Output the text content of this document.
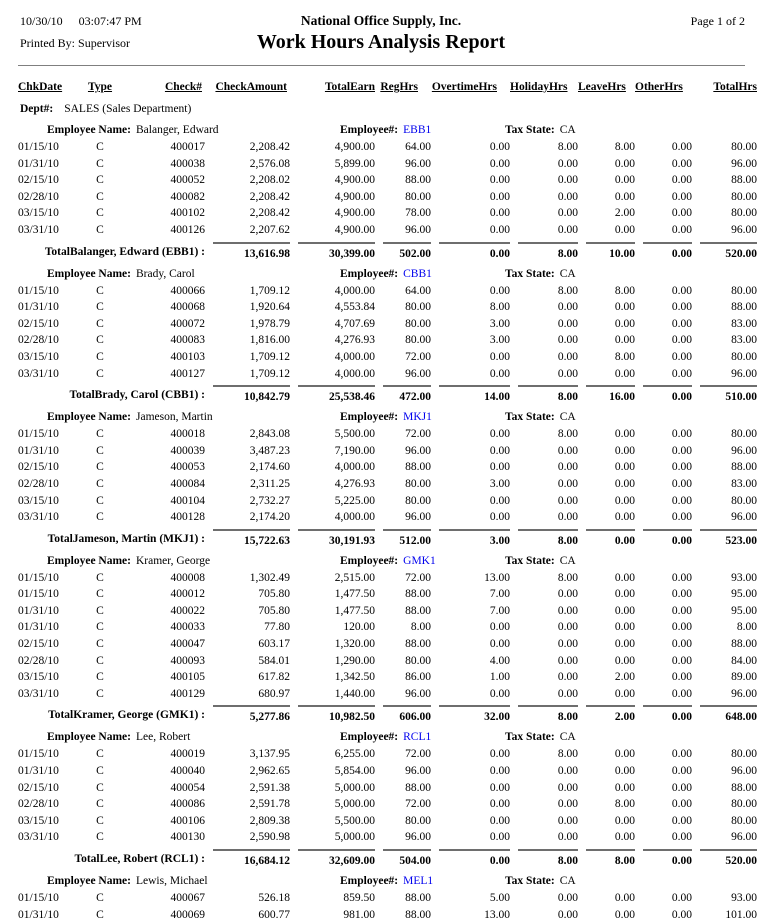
10/30/10 03:07:47 PM
Printed By: Supervisor
National Office Supply, Inc.
Work Hours Analysis Report
Page 1 of 2
ChkDate	Type	Check#	CheckAmount	TotalEarn RegHrs	OvertimeHrs	HolidayHrs LeaveHrs OtherHrs	TotalHrs
Dept#: SALES (Sales Department)
Employee Name: Balanger, Edward	Employee#: EBB1	Tax State: CA
01/15/10	C	400017	2,208.42	4,900.00	64.00	0.00	8.00	8.00	0.00	80.00
01/31/10	C	400038	2,576.08	5,899.00	96.00	0.00	0.00	0.00	0.00	96.00
02/15/10	C	400052	2,208.02	4,900.00	88.00	0.00	0.00	0.00	0.00	88.00
02/28/10	C	400082	2,208.42	4,900.00	80.00	0.00	0.00	0.00	0.00	80.00
03/15/10	C	400102	2,208.42	4,900.00	78.00	0.00	0.00	2.00	0.00	80.00
03/31/10	C	400126	2,207.62	4,900.00	96.00	0.00	0.00	0.00	0.00	96.00
TotalBalanger, Edward (EBB1) :	13,616.98	30,399.00	502.00	0.00	8.00	10.00	0.00	520.00
Employee Name: Brady, Carol	Employee#: CBB1	Tax State: CA
01/15/10	C	400066	1,709.12	4,000.00	64.00	0.00	8.00	8.00	0.00	80.00
01/31/10	C	400068	1,920.64	4,553.84	80.00	8.00	0.00	0.00	0.00	88.00
02/15/10	C	400072	1,978.79	4,707.69	80.00	3.00	0.00	0.00	0.00	83.00
02/28/10	C	400083	1,816.00	4,276.93	80.00	3.00	0.00	0.00	0.00	83.00
03/15/10	C	400103	1,709.12	4,000.00	72.00	0.00	0.00	8.00	0.00	80.00
03/31/10	C	400127	1,709.12	4,000.00	96.00	0.00	0.00	0.00	0.00	96.00
TotalBrady, Carol (CBB1) :	10,842.79	25,538.46	472.00	14.00	8.00	16.00	0.00	510.00
Employee Name: Jameson, Martin	Employee#: MKJ1	Tax State: CA
01/15/10	C	400018	2,843.08	5,500.00	72.00	0.00	8.00	0.00	0.00	80.00
01/31/10	C	400039	3,487.23	7,190.00	96.00	0.00	0.00	0.00	0.00	96.00
02/15/10	C	400053	2,174.60	4,000.00	88.00	0.00	0.00	0.00	0.00	88.00
02/28/10	C	400084	2,311.25	4,276.93	80.00	3.00	0.00	0.00	0.00	83.00
03/15/10	C	400104	2,732.27	5,225.00	80.00	0.00	0.00	0.00	0.00	80.00
03/31/10	C	400128	2,174.20	4,000.00	96.00	0.00	0.00	0.00	0.00	96.00
TotalJameson, Martin (MKJ1) :	15,722.63	30,191.93	512.00	3.00	8.00	0.00	0.00	523.00
Employee Name: Kramer, George	Employee#: GMK1	Tax State: CA
01/15/10	C	400008	1,302.49	2,515.00	72.00	13.00	8.00	0.00	0.00	93.00
01/15/10	C	400012	705.80	1,477.50	88.00	7.00	0.00	0.00	0.00	95.00
01/31/10	C	400022	705.80	1,477.50	88.00	7.00	0.00	0.00	0.00	95.00
01/31/10	C	400033	77.80	120.00	8.00	0.00	0.00	0.00	0.00	8.00
02/15/10	C	400047	603.17	1,320.00	88.00	0.00	0.00	0.00	0.00	88.00
02/28/10	C	400093	584.01	1,290.00	80.00	4.00	0.00	0.00	0.00	84.00
03/15/10	C	400105	617.82	1,342.50	86.00	1.00	0.00	2.00	0.00	89.00
03/31/10	C	400129	680.97	1,440.00	96.00	0.00	0.00	0.00	0.00	96.00
TotalKramer, George (GMK1) :	5,277.86	10,982.50	606.00	32.00	8.00	2.00	0.00	648.00
Employee Name: Lee, Robert	Employee#: RCL1	Tax State: CA
01/15/10	C	400019	3,137.95	6,255.00	72.00	0.00	8.00	0.00	0.00	80.00
01/31/10	C	400040	2,962.65	5,854.00	96.00	0.00	0.00	0.00	0.00	96.00
02/15/10	C	400054	2,591.38	5,000.00	88.00	0.00	0.00	0.00	0.00	88.00
02/28/10	C	400086	2,591.78	5,000.00	72.00	0.00	0.00	8.00	0.00	80.00
03/15/10	C	400106	2,809.38	5,500.00	80.00	0.00	0.00	0.00	0.00	80.00
03/31/10	C	400130	2,590.98	5,000.00	96.00	0.00	0.00	0.00	0.00	96.00
TotalLee, Robert (RCL1) :	16,684.12	32,609.00	504.00	0.00	8.00	8.00	0.00	520.00
Employee Name: Lewis, Michael	Employee#: MEL1	Tax State: CA
01/15/10	C	400067	526.18	859.50	88.00	5.00	0.00	0.00	0.00	93.00
01/31/10	C	400069	600.77	981.00	88.00	13.00	0.00	0.00	0.00	101.00
